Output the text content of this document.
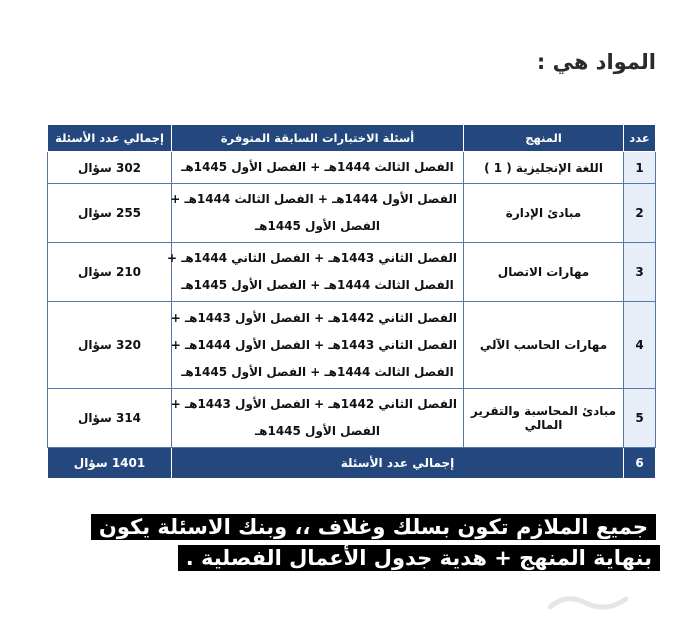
المواد هي :
عدد	المنهج	أسئلة الاختبارات السابقة المتوفرة	إجمالي عدد الأسئلة
1	اللغة الإنجليزية ( 1 )	الفصل الثالث 1444هـ + الفصل الأول 1445هـ	302 سؤال
2	مبادئ الإدارة	الفصل الأول 1444هـ + الفصل الثالث 1444هـ +
الفصل الأول 1445هـ	255 سؤال
3	مهارات الاتصال	الفصل الثاني 1443هـ + الفصل الثاني 1444هـ +
الفصل الثالث 1444هـ + الفصل الأول 1445هـ	210 سؤال
4	مهارات الحاسب الآلي	الفصل الثاني 1442هـ + الفصل الأول 1443هـ +
الفصل الثاني 1443هـ + الفصل الأول 1444هـ +
الفصل الثالث 1444هـ + الفصل الأول 1445هـ	320 سؤال
5	مبادئ المحاسبة والتقرير المالي	الفصل الثاني 1442هـ + الفصل الأول 1443هـ +
الفصل الأول 1445هـ	314 سؤال
6	إجمالي عدد الأسئلة		1401 سؤال
جميع الملازم تكون بسلك وغلاف ،، وبنك الاسئلة يكون بنهاية المنهج + هدية جدول الأعمال الفصلية .
